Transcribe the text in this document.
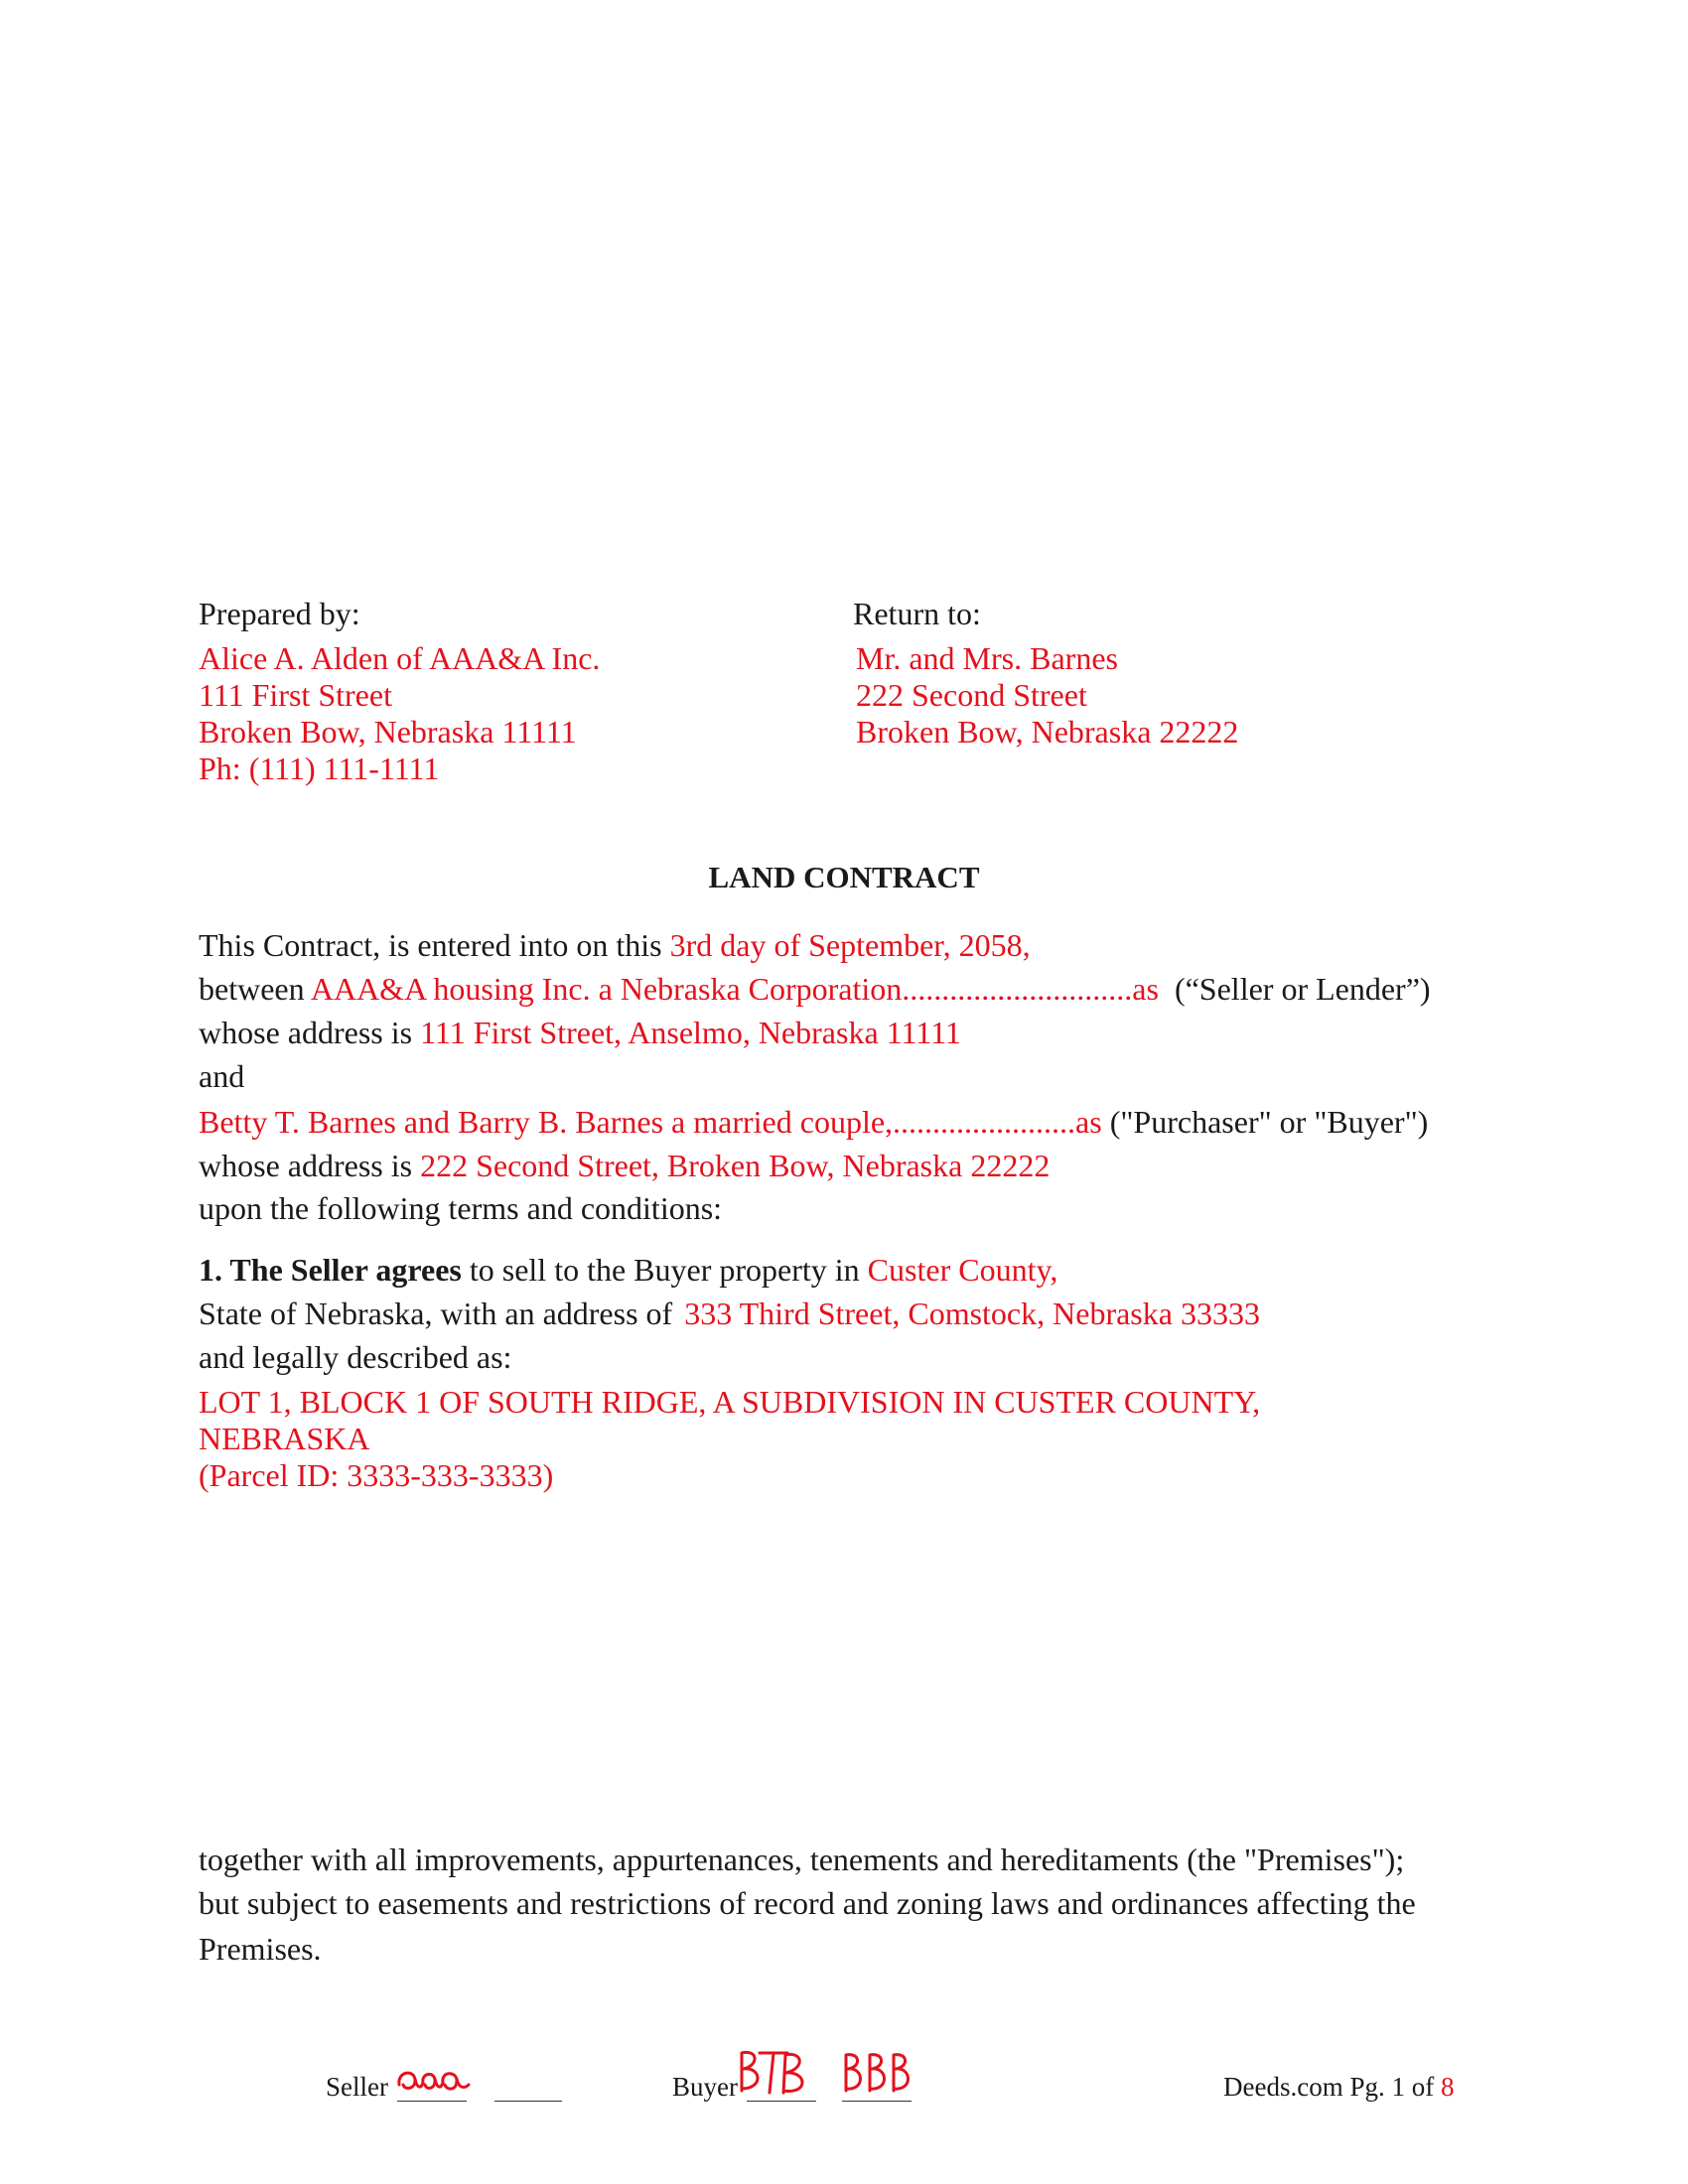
Prepared by:
Alice A. Alden of AAA&A Inc.
111 First Street
Broken Bow, Nebraska 11111
Ph: (111) 111-1111
Return to:
Mr. and Mrs. Barnes
222 Second Street
Broken Bow, Nebraska 22222
LAND CONTRACT
This Contract, is entered into on this 3rd day of September, 2058,
between AAA&A housing Inc. a Nebraska Corporation.............................as (“Seller or Lender”)
whose address is 111 First Street, Anselmo, Nebraska 11111
and
Betty T. Barnes and Barry B. Barnes a married couple,.......................as ("Purchaser" or "Buyer")
whose address is 222 Second Street, Broken Bow, Nebraska 22222
upon the following terms and conditions:
1. The Seller agrees to sell to the Buyer property in Custer County,
State of Nebraska, with an address of 333 Third Street, Comstock, Nebraska 33333
and legally described as:
LOT 1, BLOCK 1 OF SOUTH RIDGE, A SUBDIVISION IN CUSTER COUNTY,
NEBRASKA
(Parcel ID: 3333-333-3333)
together with all improvements, appurtenances, tenements and hereditaments (the "Premises");
but subject to easements and restrictions of record and zoning laws and ordinances affecting the
Premises.
Seller	Buyer	Deeds.com Pg. 1 of 8
